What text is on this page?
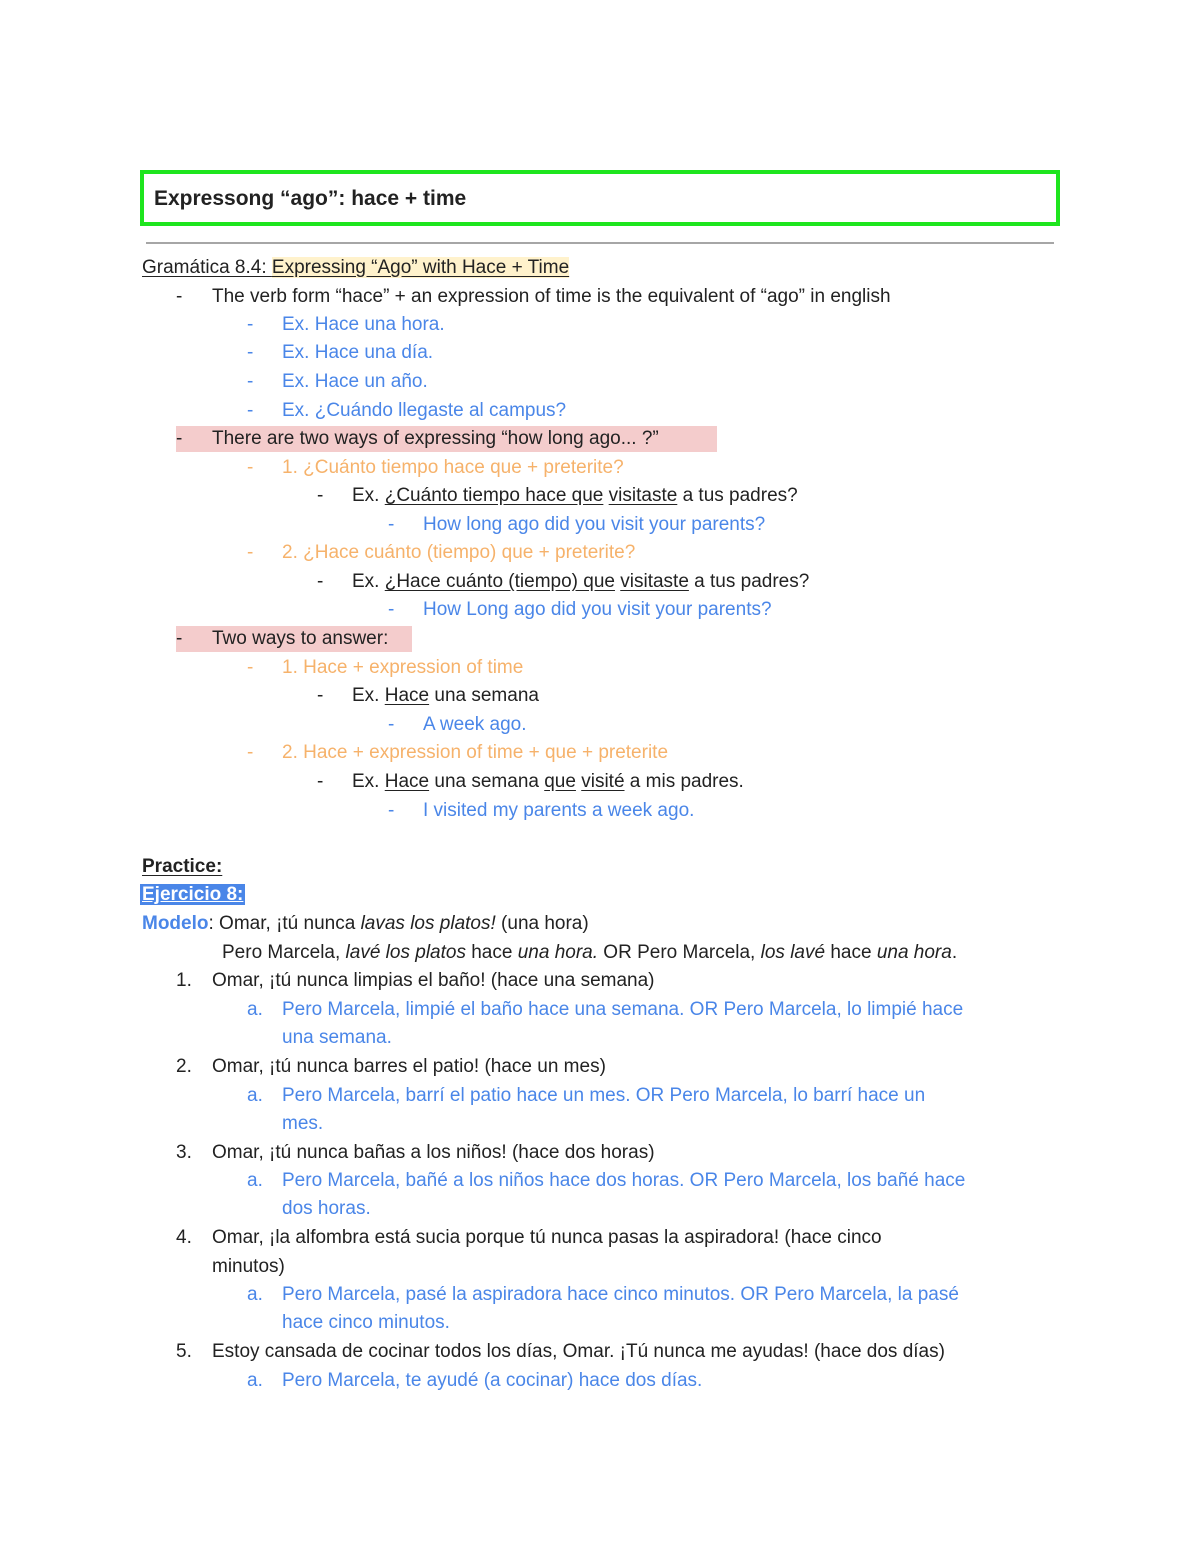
Expressong “ago”: hace + time
Gramática 8.4: Expressing “Ago” with Hace + Time
- The verb form “hace” + an expression of time is the equivalent of “ago” in english
- Ex. Hace una hora.
- Ex. Hace una día.
- Ex. Hace un año.
- Ex. ¿Cuándo llegaste al campus?
- There are two ways of expressing “how long ago... ?”
- 1. ¿Cuánto tiempo hace que + preterite?
- Ex. ¿Cuánto tiempo hace que visitaste a tus padres?
- How long ago did you visit your parents?
- 2. ¿Hace cuánto (tiempo) que + preterite?
- Ex. ¿Hace cuánto (tiempo) que visitaste a tus padres?
- How Long ago did you visit your parents?
- Two ways to answer:
- 1. Hace + expression of time
- Ex. Hace una semana
- A week ago.
- 2. Hace + expression of time + que + preterite
- Ex. Hace una semana que visité a mis padres.
- I visited my parents a week ago.
Practice:
Ejercicio 8:
Modelo: Omar, ¡tú nunca lavas los platos! (una hora)
Pero Marcela, lavé los platos hace una hora. OR Pero Marcela, los lavé hace una hora.
1. Omar, ¡tú nunca limpias el baño! (hace una semana)
a. Pero Marcela, limpié el baño hace una semana. OR Pero Marcela, lo limpié hace
una semana.
2. Omar, ¡tú nunca barres el patio! (hace un mes)
a. Pero Marcela, barrí el patio hace un mes. OR Pero Marcela, lo barrí hace un
mes.
3. Omar, ¡tú nunca bañas a los niños! (hace dos horas)
a. Pero Marcela, bañé a los niños hace dos horas. OR Pero Marcela, los bañé hace
dos horas.
4. Omar, ¡la alfombra está sucia porque tú nunca pasas la aspiradora! (hace cinco
minutos)
a. Pero Marcela, pasé la aspiradora hace cinco minutos. OR Pero Marcela, la pasé
hace cinco minutos.
5. Estoy cansada de cocinar todos los días, Omar. ¡Tú nunca me ayudas! (hace dos días)
a. Pero Marcela, te ayudé (a cocinar) hace dos días.
